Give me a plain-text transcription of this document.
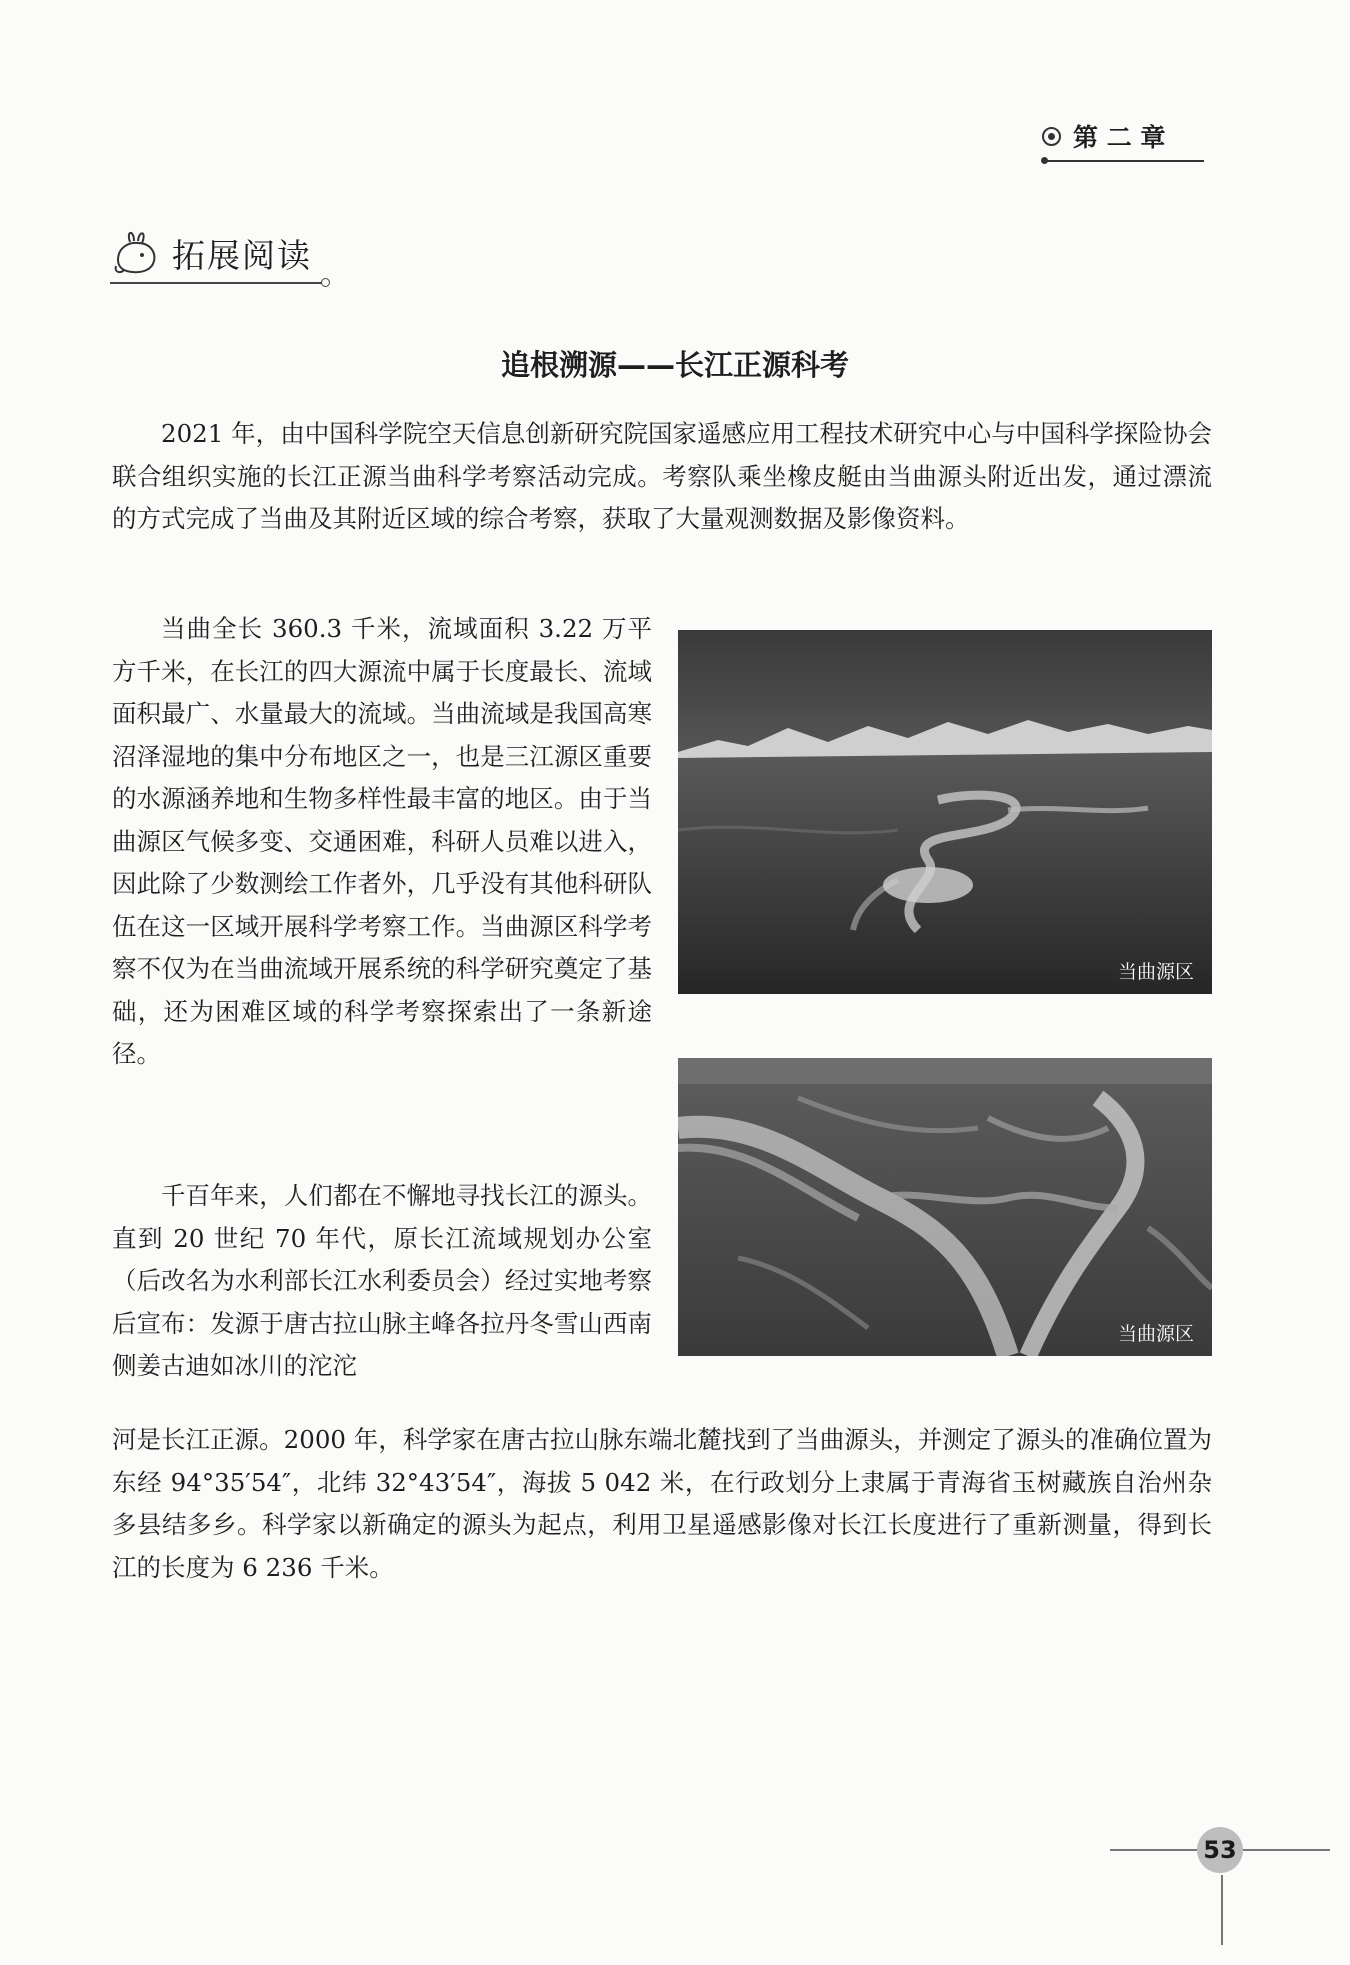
第 二 章
拓展阅读
追根溯源——长江正源科考

2021 年，由中国科学院空天信息创新研究院国家遥感应用工程技术研究中心与中国科学探险协会联合组织实施的长江正源当曲科学考察活动完成。考察队乘坐橡皮艇由当曲源头附近出发，通过漂流的方式完成了当曲及其附近区域的综合考察，获取了大量观测数据及影像资料。

当曲全长 360.3 千米，流域面积 3.22 万平方千米，在长江的四大源流中属于长度最长、流域面积最广、水量最大的流域。当曲流域是我国高寒沼泽湿地的集中分布地区之一，也是三江源区重要的水源涵养地和生物多样性最丰富的地区。由于当曲源区气候多变、交通困难，科研人员难以进入，因此除了少数测绘工作者外，几乎没有其他科研队伍在这一区域开展科学考察工作。当曲源区科学考察不仅为在当曲流域开展系统的科学研究奠定了基础，还为困难区域的科学考察探索出了一条新途径。

千百年来，人们都在不懈地寻找长江的源头。直到 20 世纪 70 年代，原长江流域规划办公室（后改名为水利部长江水利委员会）经过实地考察后宣布：发源于唐古拉山脉主峰各拉丹冬雪山西南侧姜古迪如冰川的沱沱

河是长江正源。2000 年，科学家在唐古拉山脉东端北麓找到了当曲源头，并测定了源头的准确位置为东经 94°35′54″，北纬 32°43′54″，海拔 5 042 米，在行政划分上隶属于青海省玉树藏族自治州杂多县结多乡。科学家以新确定的源头为起点，利用卫星遥感影像对长江长度进行了重新测量，得到长江的长度为 6 236 千米。

当曲源区
当曲源区
53
